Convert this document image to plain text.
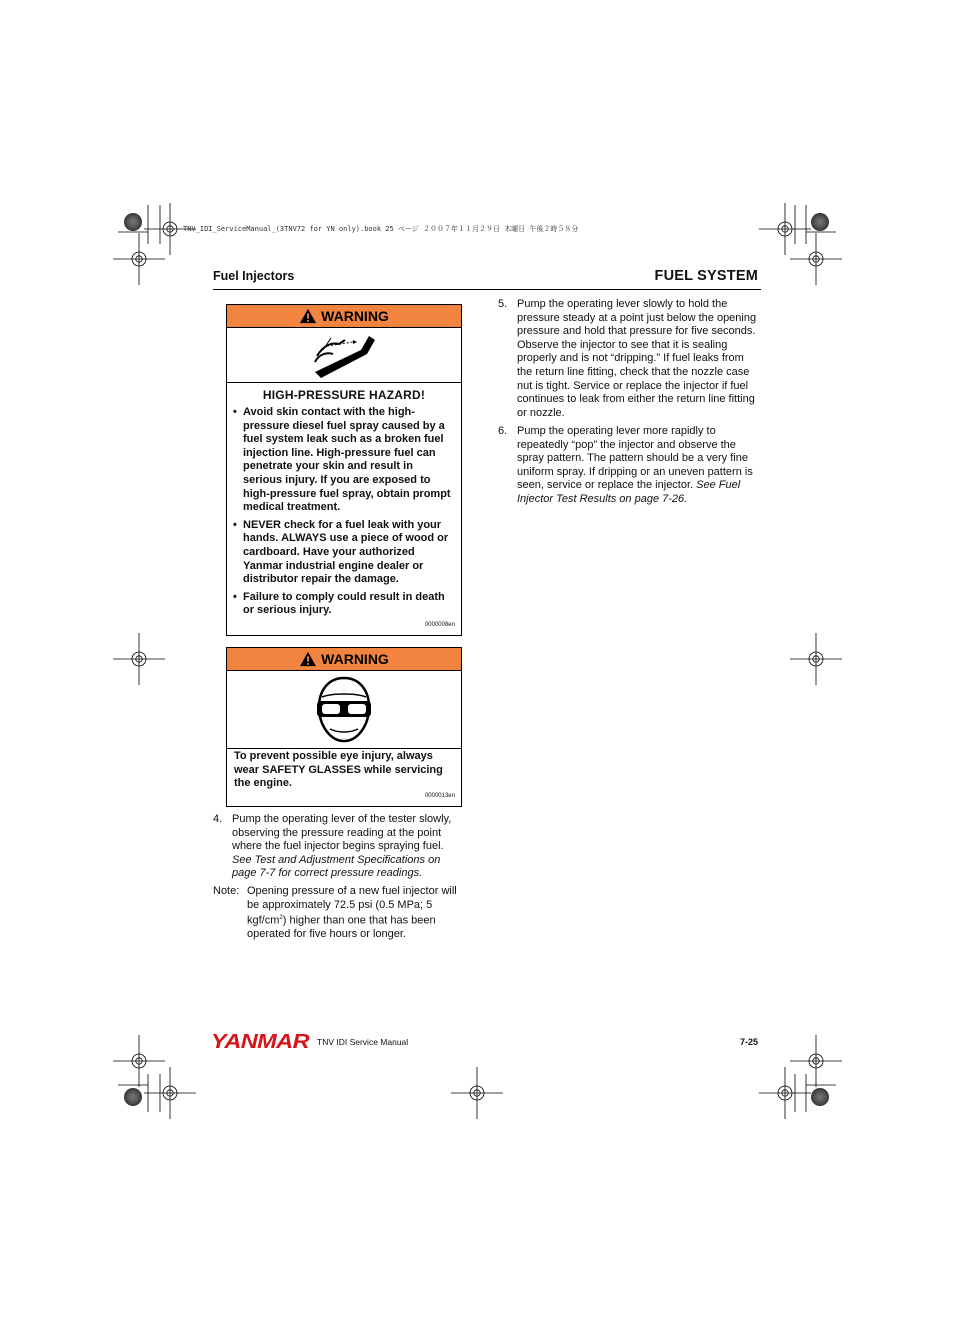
TNV_IDI_ServiceManual_(3TNV72 for YN only).book 25 ページ ２００７年１１月２９日 木曜日 午後２時５８分
Fuel Injectors	FUEL SYSTEM
WARNING
HIGH-PRESSURE HAZARD!
• Avoid skin contact with the high-pressure diesel fuel spray caused by a fuel system leak such as a broken fuel injection line. High-pressure fuel can penetrate your skin and result in serious injury. If you are exposed to high-pressure fuel spray, obtain prompt medical treatment.
• NEVER check for a fuel leak with your hands. ALWAYS use a piece of wood or cardboard. Have your authorized Yanmar industrial engine dealer or distributor repair the damage.
• Failure to comply could result in death or serious injury.
0000008en
WARNING
To prevent possible eye injury, always wear SAFETY GLASSES while servicing the engine.
0000013en
4. Pump the operating lever of the tester slowly, observing the pressure reading at the point where the fuel injector begins spraying fuel. See Test and Adjustment Specifications on page 7-7 for correct pressure readings.
Note: Opening pressure of a new fuel injector will be approximately 72.5 psi (0.5 MPa; 5 kgf/$cm^2$) higher than one that has been operated for five hours or longer.
5. Pump the operating lever slowly to hold the pressure steady at a point just below the opening pressure and hold that pressure for five seconds. Observe the injector to see that it is sealing properly and is not “dripping.” If fuel leaks from the return line fitting, check that the nozzle case nut is tight. Service or replace the injector if fuel continues to leak from either the return line fitting or nozzle.
6. Pump the operating lever more rapidly to repeatedly “pop” the injector and observe the spray pattern. The pattern should be a very fine uniform spray. If dripping or an uneven pattern is seen, service or replace the injector. See Fuel Injector Test Results on page 7-26.
YANMAR TNV IDI Service Manual	7-25
